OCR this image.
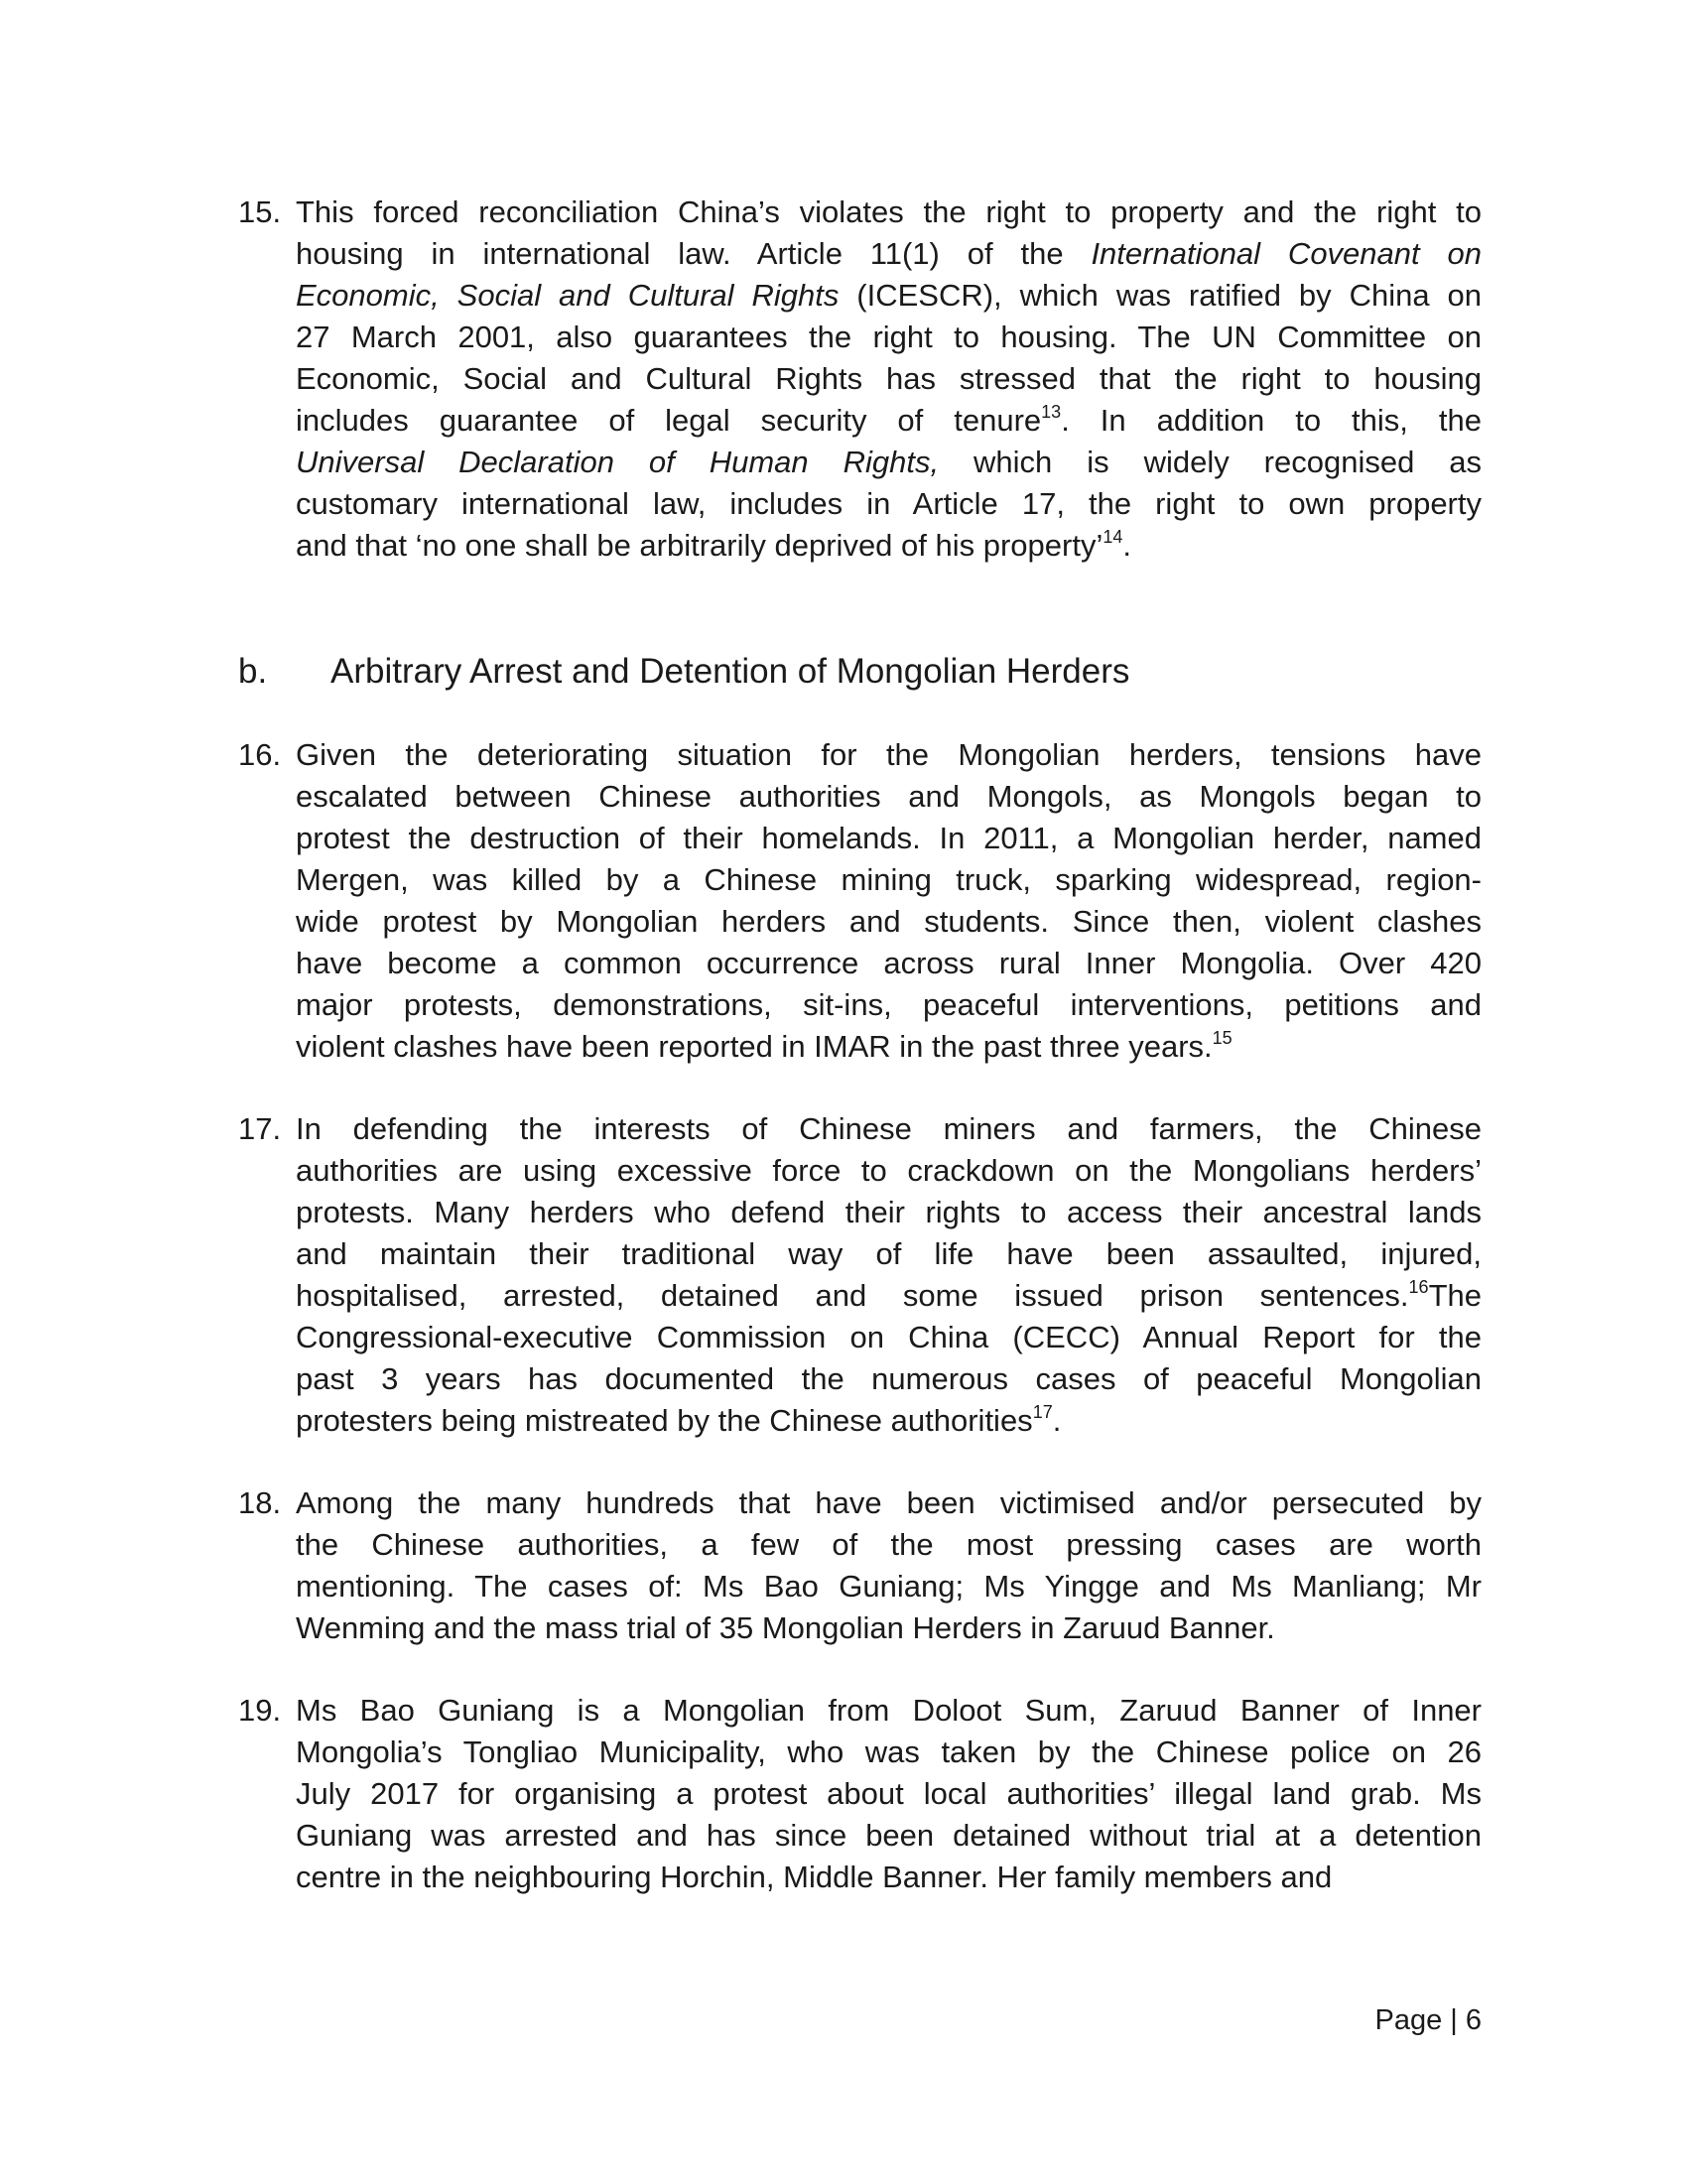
15. This forced reconciliation China’s violates the right to property and the right to
housing in international law. Article 11(1) of the International Covenant on
Economic, Social and Cultural Rights (ICESCR), which was ratified by China on
27 March 2001, also guarantees the right to housing. The UN Committee on
Economic, Social and Cultural Rights has stressed that the right to housing
includes guarantee of legal security of tenure$^{13}$. In addition to this, the
Universal Declaration of Human Rights, which is widely recognised as
customary international law, includes in Article 17, the right to own property
and that ‘no one shall be arbitrarily deprived of his property’$^{14}$.
b.	Arbitrary Arrest and Detention of Mongolian Herders
16. Given the deteriorating situation for the Mongolian herders, tensions have
escalated between Chinese authorities and Mongols, as Mongols began to
protest the destruction of their homelands. In 2011, a Mongolian herder, named
Mergen, was killed by a Chinese mining truck, sparking widespread, region-
wide protest by Mongolian herders and students. Since then, violent clashes
have become a common occurrence across rural Inner Mongolia. Over 420
major protests, demonstrations, sit-ins, peaceful interventions, petitions and
violent clashes have been reported in IMAR in the past three years.$^{15}$
17. In defending the interests of Chinese miners and farmers, the Chinese
authorities are using excessive force to crackdown on the Mongolians herders’
protests. Many herders who defend their rights to access their ancestral lands
and maintain their traditional way of life have been assaulted, injured,
hospitalised, arrested, detained and some issued prison sentences.$^{16}$The
Congressional-executive Commission on China (CECC) Annual Report for the
past 3 years has documented the numerous cases of peaceful Mongolian
protesters being mistreated by the Chinese authorities$^{17}$.
18. Among the many hundreds that have been victimised and/or persecuted by
the Chinese authorities, a few of the most pressing cases are worth
mentioning. The cases of: Ms Bao Guniang; Ms Yingge and Ms Manliang; Mr
Wenming and the mass trial of 35 Mongolian Herders in Zaruud Banner.
19. Ms Bao Guniang is a Mongolian from Doloot Sum, Zaruud Banner of Inner
Mongolia’s Tongliao Municipality, who was taken by the Chinese police on 26
July 2017 for organising a protest about local authorities’ illegal land grab. Ms
Guniang was arrested and has since been detained without trial at a detention
centre in the neighbouring Horchin, Middle Banner. Her family members and
Page | 6
